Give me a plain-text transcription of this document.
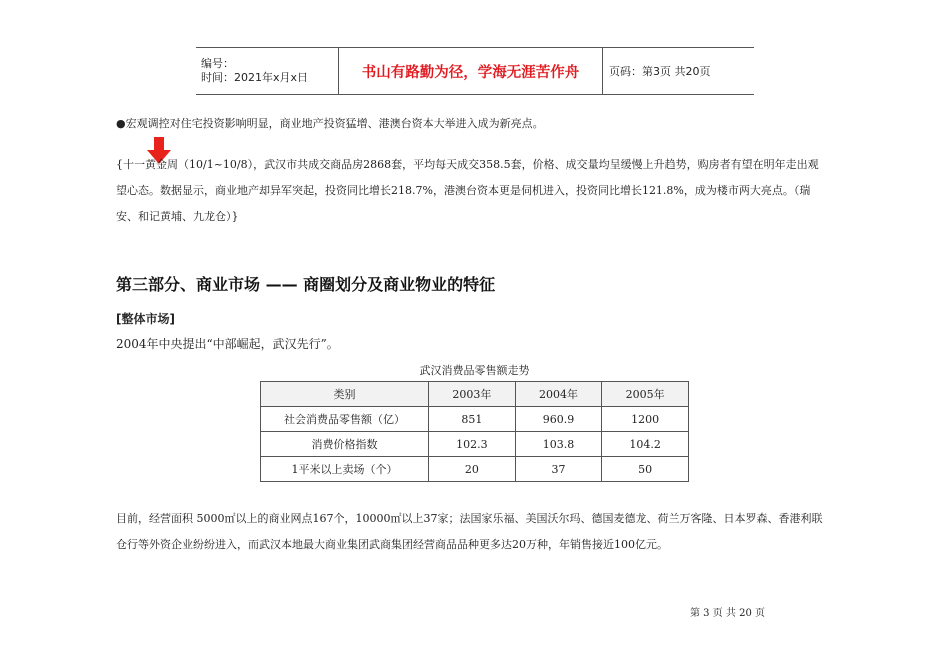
编号：
时间：2021年x月x日	书山有路勤为径，学海无涯苦作舟	页码：第3页 共20页
●宏观调控对住宅投资影响明显，商业地产投资猛增、港澳台资本大举进入成为新亮点。
{十一黄金周（10/1~10/8），武汉市共成交商品房2868套，平均每天成交358.5套，价格、成交量均呈缓慢上升趋势，购房者有望在明年走出观
望心态。数据显示，商业地产却异军突起，投资同比增长218.7%，港澳台资本更是伺机进入，投资同比增长121.8%，成为楼市两大亮点。（瑞
安、和记黄埔、九龙仓）}
第三部分、商业市场 —— 商圈划分及商业物业的特征
[整体市场]
2004年中央提出“中部崛起，武汉先行”。
武汉消费品零售额走势
类别	2003年	2004年	2005年
社会消费品零售额（亿）	851	960.9	1200
消费价格指数	102.3	103.8	104.2
1平米以上卖场（个）	20	37	50
目前，经营面积 5000㎡以上的商业网点167个，10000㎡以上37家；法国家乐福、美国沃尔玛、德国麦德龙、荷兰万客隆、日本罗森、香港利联
仓行等外资企业纷纷进入，而武汉本地最大商业集团武商集团经营商品品种更多达20万种，年销售接近100亿元。
第 3 页 共 20 页
